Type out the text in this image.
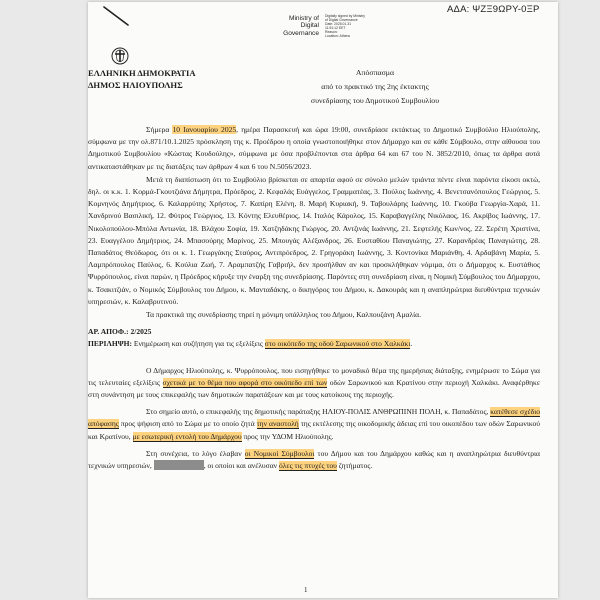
ΑΔΑ: ΨΖΞ9ΩΡΥ-0ΞΡ
Ministry of
Digital
Governance
Digitally signed by Ministry
of Digital Governance
Date: 2025.01.31
11:51:12 EET
Reason:
Location: Athens
ΕΛΛΗΝΙΚΗ ΔΗΜΟΚΡΑΤΙΑ
ΔΗΜΟΣ ΗΛΙΟΥΠΟΛΗΣ
Απόσπασμα
από το πρακτικό της 2ης έκτακτης
συνεδρίασης του Δημοτικού Συμβουλίου

Σήμερα 10 Ιανουαρίου 2025, ημέρα Παρασκευή και ώρα 19:00, συνεδρίασε εκτάκτως το Δημοτικό Συμβούλιο Ηλιούπολης, σύμφωνα με την ολ.871/10.1.2025 πρόσκληση της κ. Προέδρου η οποία γνωστοποιήθηκε στον Δήμαρχο και σε κάθε Σύμβουλο, στην αίθουσα του Δημοτικού Συμβουλίου «Κώστας Κουδούλης», σύμφωνα με όσα προβλέπονται στα άρθρα 64 και 67 του Ν. 3852/2010, όπως τα άρθρα αυτά αντικαταστάθηκαν με τις διατάξεις των άρθρων 4 και 6 του Ν.5056/2023.

Μετά τη διαπίστωση ότι το Συμβούλιο βρίσκεται σε απαρτία αφού σε σύνολο μελών τριάντα πέντε είναι παρόντα είκοσι οκτώ, δηλ. οι κ.κ. 1. Κορμά-Γκουτζιάνα Δήμητρα, Πρόεδρος, 2. Κεφαλάς Ευάγγελος, Γραμματέας, 3. Πούλος Ιωάννης, 4. Βενετσανόπουλος Γεώργιος, 5. Κομνηνός Δημήτριος, 6. Καλαρρύτης Χρήστος, 7. Καπίρη Ελένη, 8. Μαρή Κυριακή, 9. Ταβουλάρης Ιωάννης, 10. Γκούβα Γεωργία-Χαρά, 11. Χανδρινού Βασιλική, 12. Φύτρος Γεώργιος, 13. Κόντης Ελευθέριος, 14. Ιταλός Κάρολος, 15. Καραβαγγέλης Νικόλαος, 16. Ακρίβος Ιωάννης, 17. Νικολοπούλου-Μπόλα Αντωνία, 18. Βλάχου Σοφία, 19. Χατζηδάκης Γιώργος, 20. Αντζινάς Ιωάννης, 21. Σεφτελής Κων/νος, 22. Σερέτη Χριστίνα, 23. Ευαγγέλου Δημήτριος, 24. Μπασούρης Μαρίνος, 25. Μπουγάς Αλέξανδρος, 26. Ευσταθίου Παναγιώτης, 27. Καρανδρέας Παναγιώτης, 28. Παπαδάτος Θεόδωρος, ότι οι κ. 1. Γεωργάκης Σταύρος, Αντιπρόεδρος, 2. Γρηγοράκη Ιωάννης, 3. Κοντονίκα Μαριάνθη, 4. Αρδαβάνη Μαρία, 5. Λαμπρόπουλος Παύλος, 6. Κούλια Ζωή, 7. Αραμπατζής Γαβριήλ, δεν προσήλθαν αν και προσκλήθηκαν νόμιμα, ότι ο Δήμαρχος κ. Ευστάθιος Ψυρρόπουλος, είναι παρών, η Πρόεδρος κήρυξε την έναρξη της συνεδρίασης. Παρόντες στη συνεδρίαση είναι, η Νομική Σύμβουλος του Δήμαρχου, κ. Τσακιτζιάν, ο Νομικός Σύμβουλος του Δήμου, κ. Μανταδάκης, ο δικηγόρος του Δήμου, κ. Δακουράς και η αναπληρώτρια διευθύντρια τεχνικών υπηρεσιών, κ. Καλαβρυτινού.

Τα πρακτικά της συνεδρίασης τηρεί η μόνιμη υπάλληλος του Δήμου, Καλπουζάνη Αμαλία.

ΑΡ. ΑΠΟΦ.: 2/2025

ΠΕΡΙΛΗΨΗ: Ενημέρωση και συζήτηση για τις εξελίξεις στο οικόπεδο της οδού Σαρωνικού στο Χαλκάκι.

Ο Δήμαρχος Ηλιούπολης, κ. Ψυρρόπουλος, που εισηγήθηκε το μοναδικό θέμα της ημερήσιας διάταξης, ενημέρωσε το Σώμα για τις τελευταίες εξελίξεις σχετικά με το θέμα που αφορά στο οικόπεδο επί των οδών Σαρωνικού και Κρατίνου στην περιοχή Χαλκάκι. Αναφέρθηκε στη συνάντηση με τους επικεφαλής των δημοτικών παρατάξεων και με τους κατοίκους της περιοχής.

Στο σημείο αυτό, ο επικεφαλής της δημοτικής παράταξης ΗΛΙΟΥ-ΠΟΛΙΣ ΑΝΘΡΩΠΙΝΗ ΠΟΛΗ, κ. Παπαδάτος, κατέθεσε σχέδιο απόφασης προς ψήφιση από το Σώμα με το οποίο ζητά την αναστολή της εκτέλεσης της οικοδομικής άδειας επί του οικοπέδου των οδών Σαρωνικού και Κρατίνου, με εσωτερική εντολή του Δημάρχου προς την ΥΔΟΜ Ηλιούπολης.

Στη συνέχεια, το λόγο έλαβαν οι Νομικοί Σύμβουλοι του Δήμου και του Δημάρχου καθώς και η αναπληρώτρια διευθύντρια τεχνικών υπηρεσιών,	, οι οποίοι και ανέλυσαν όλες τις πτυχές του ζητήματος.

1
